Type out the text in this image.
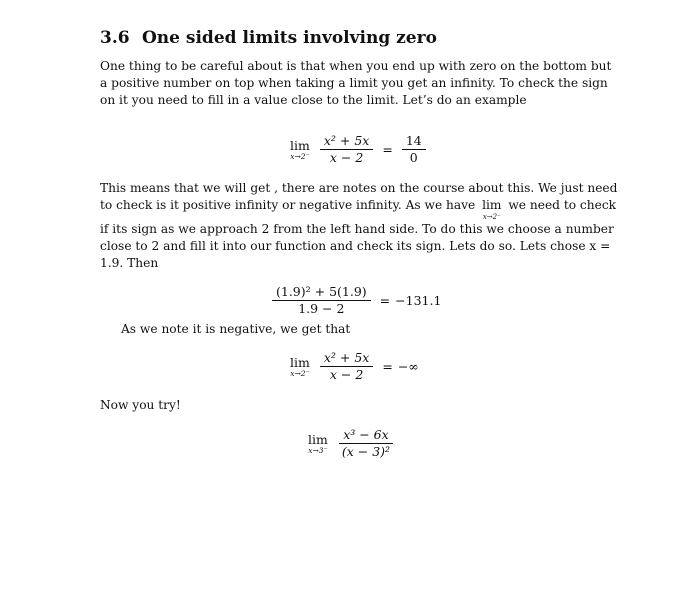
3.6 One sided limits involving zero
One thing to be careful about is that when you end up with zero on the bottom but
a positive number on top when taking a limit you get an infinity. To check the sign
on it you need to fill in a value close to the limit. Let’s do an example
lim
$x\to 2^- \frac{\text{x² + 5x}}{x - 2} = \frac{14}{0}$
This means that we will get , there are notes on the course about this. We just need
to check is it positive infinity or negative infinity. As we have lim
x→2⁻
we need to check
if its sign as we approach 2 from the left hand side. To do this we choose a number
close to 2 and fill it into our function and check its sign. Lets do so. Lets chose x =
1.9. Then
$\frac{\text{(1.9)² + 5(1.9)}}{1.9 - 2} = -131.1$
As we note it is negative, we get that
lim
$x\to 2^- \frac{\text{x² + 5x}}{x - 2}$ = −∞
Now you try!
lim
$x\to 3^- \frac{\text{x³ − 6x}}{\text{(x − 3)²}}$
